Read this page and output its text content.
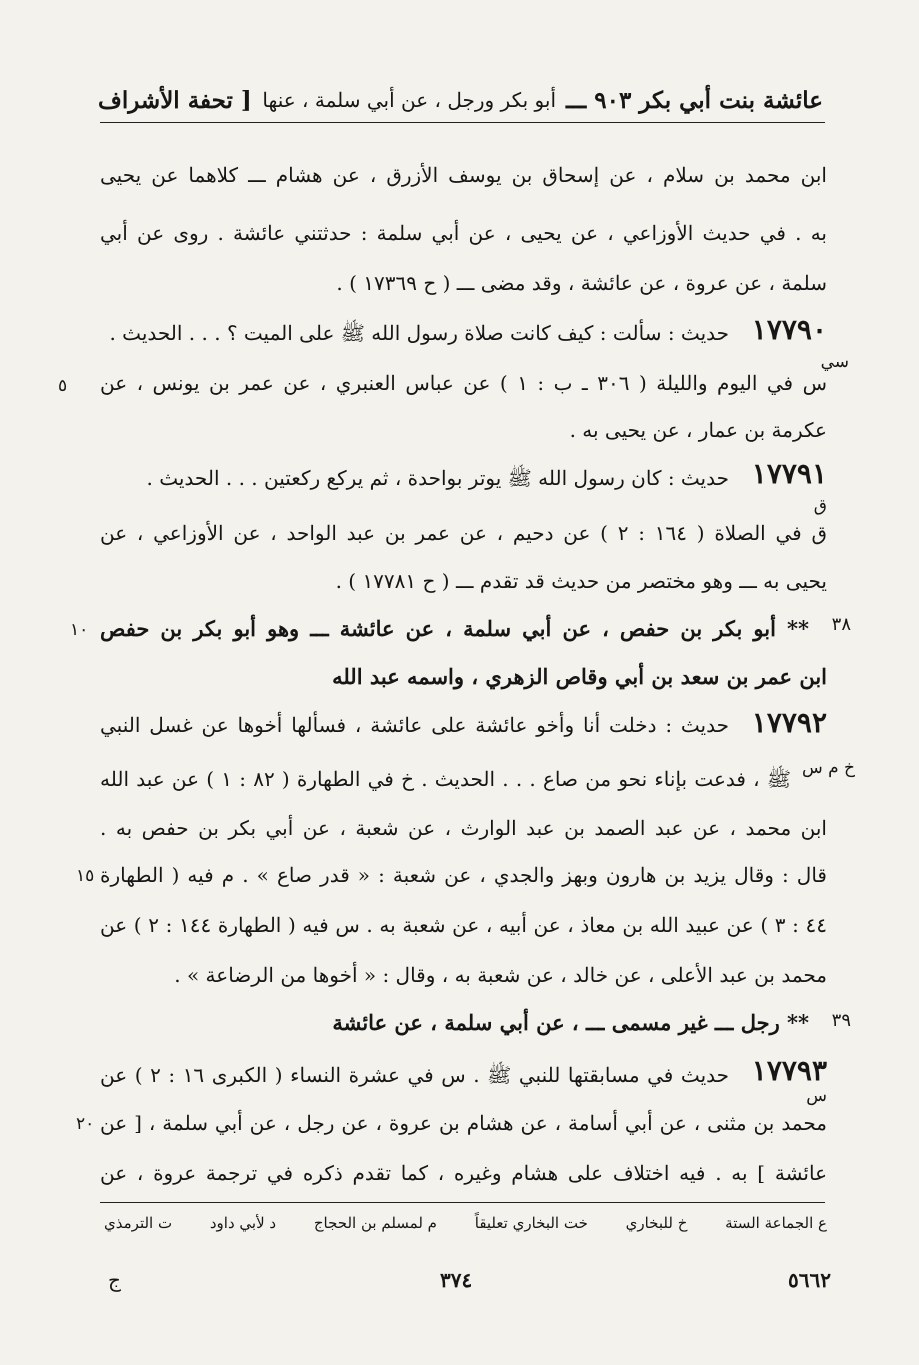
عائشة بنت أبي بكر ٩٠٣ ـــ
أبو بكر ورجل ، عن أبي سلمة ، عنها
[ تحفة الأشراف
ابن محمد بن سلام ، عن إسحاق بن يوسف الأزرق ، عن هشام ـــ كلاهما عن يحيى
به . في حديث الأوزاعي ، عن يحيى ، عن أبي سلمة : حدثتني عائشة . روى عن أبي
سلمة ، عن عروة ، عن عائشة ، وقد مضى ـــ ( ح ١٧٣٦٩ ) .
١٧٧٩٠
حديث : سألت : كيف كانت صلاة رسول الله ﷺ على الميت ؟ . . . الحديث .
سي
س في اليوم والليلة ( ٣٠٦ ـ ب : ١ ) عن عباس العنبري ، عن عمر بن يونس ، عن
٥
عكرمة بن عمار ، عن يحيى به .
١٧٧٩١
حديث : كان رسول الله ﷺ يوتر بواحدة ، ثم يركع ركعتين . . . الحديث .
ق
ق في الصلاة ( ١٦٤ : ٢ ) عن دحيم ، عن عمر بن عبد الواحد ، عن الأوزاعي ، عن
يحيى به ـــ وهو مختصر من حديث قد تقدم ـــ ( ح ١٧٧٨١ ) .
٣٨
** أبو بكر بن حفص ، عن أبي سلمة ، عن عائشة ـــ وهو أبو بكر بن حفص
١٠
ابن عمر بن سعد بن أبي وقاص الزهري ، واسمه عبد الله
١٧٧٩٢
حديث : دخلت أنا وأخو عائشة على عائشة ، فسألها أخوها عن غسل النبي
خ م س
ﷺ ، فدعت بإناء نحو من صاع . . . الحديث . خ في الطهارة ( ٨٢ : ١ ) عن عبد الله
ابن محمد ، عن عبد الصمد بن عبد الوارث ، عن شعبة ، عن أبي بكر بن حفص به .
قال : وقال يزيد بن هارون وبهز والجدي ، عن شعبة : « قدر صاع » . م فيه ( الطهارة
١٥
٤٤ : ٣ ) عن عبيد الله بن معاذ ، عن أبيه ، عن شعبة به . س فيه ( الطهارة ١٤٤ : ٢ ) عن
محمد بن عبد الأعلى ، عن خالد ، عن شعبة به ، وقال : « أخوها من الرضاعة » .
٣٩
** رجل ـــ غير مسمى ـــ ، عن أبي سلمة ، عن عائشة
١٧٧٩٣
حديث في مسابقتها للنبي ﷺ . س في عشرة النساء ( الكبرى ١٦ : ٢ ) عن
س
محمد بن مثنى ، عن أبي أسامة ، عن هشام بن عروة ، عن رجل ، عن أبي سلمة ، [ عن
٢٠
عائشة ] به . فيه اختلاف على هشام وغيره ، كما تقدم ذكره في ترجمة عروة ، عن
ع الجماعة الستة
خ للبخاري
خت البخاري تعليقاً
م لمسلم بن الحجاج
د لأبي داود
ت الترمذي
٥٦٦٢
٣٧٤
ج
